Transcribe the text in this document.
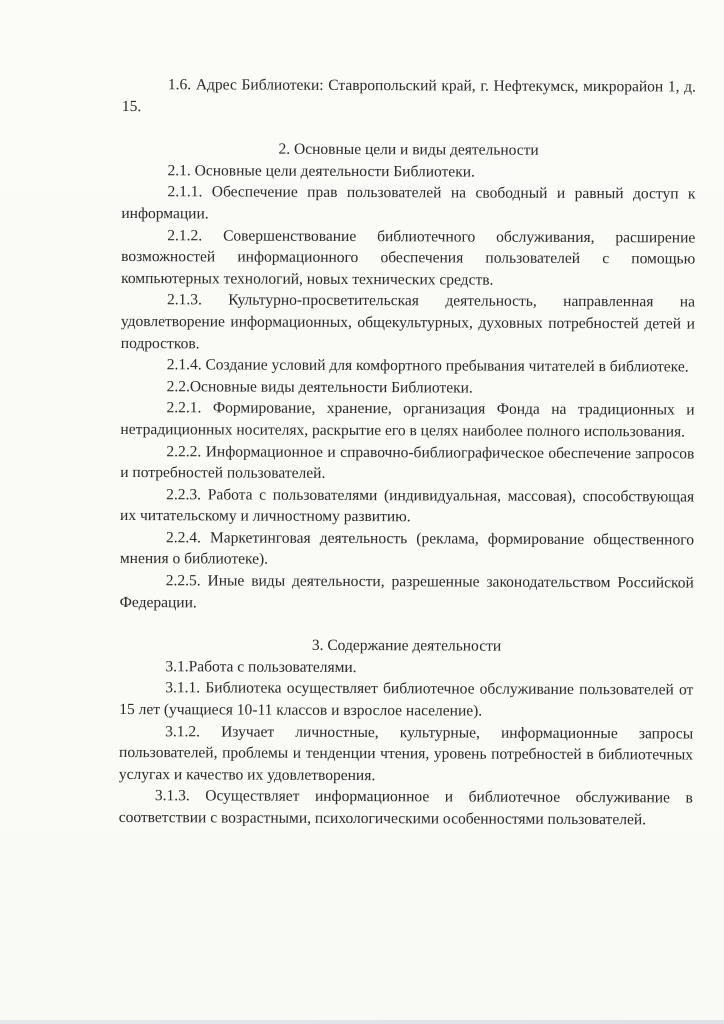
1.6. Адрес Библиотеки: Ставропольский край, г. Нефтекумск, микрорайон 1, д. 15.

2. Основные цели и виды деятельности

2.1. Основные цели деятельности Библиотеки.

2.1.1. Обеспечение прав пользователей на свободный и равный доступ к информации.

2.1.2. Совершенствование библиотечного обслуживания, расширение возможностей информационного обеспечения пользователей с помощью компьютерных технологий, новых технических средств.

2.1.3. Культурно-просветительская деятельность, направленная на удовлетворение информационных, общекультурных, духовных потребностей детей и подростков.

2.1.4. Создание условий для комфортного пребывания читателей в библиотеке.

2.2.Основные виды деятельности Библиотеки.

2.2.1. Формирование, хранение, организация Фонда на традиционных и нетрадиционных носителях, раскрытие его в целях наиболее полного использования.

2.2.2. Информационное и справочно-библиографическое обеспечение запросов и потребностей пользователей.

2.2.3. Работа с пользователями (индивидуальная, массовая), способствующая их читательскому и личностному развитию.

2.2.4. Маркетинговая деятельность (реклама, формирование общественного мнения о библиотеке).

2.2.5. Иные виды деятельности, разрешенные законодательством Российской Федерации.

3. Содержание деятельности

3.1.Работа с пользователями.

3.1.1. Библиотека осуществляет библиотечное обслуживание пользователей от 15 лет (учащиеся 10-11 классов и взрослое население).

3.1.2. Изучает личностные, культурные, информационные запросы пользователей, проблемы и тенденции чтения, уровень потребностей в библиотечных услугах и качество их удовлетворения.

3.1.3. Осуществляет информационное и библиотечное обслуживание в соответствии с возрастными, психологическими особенностями пользователей.
